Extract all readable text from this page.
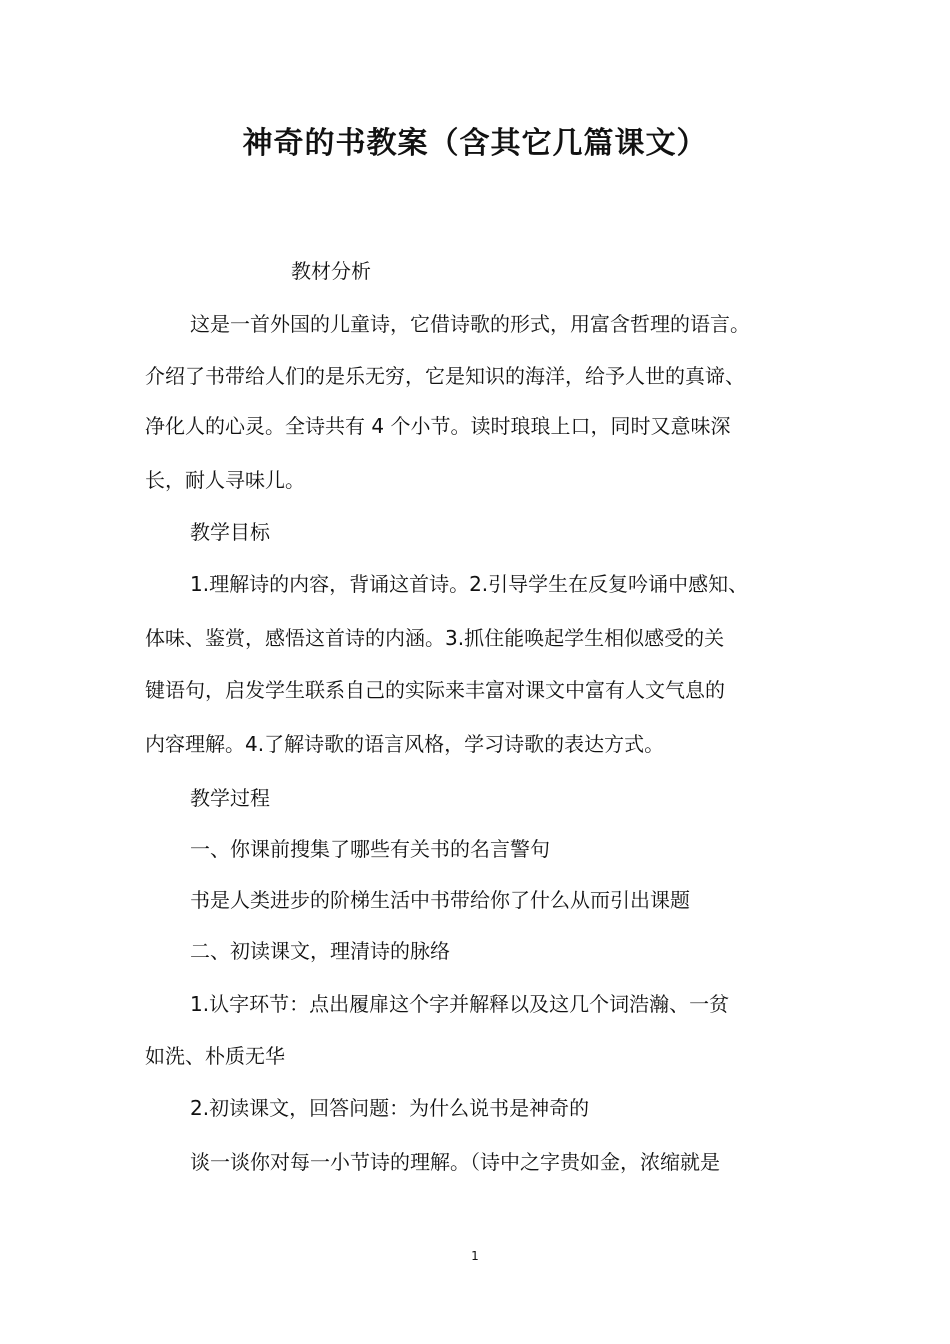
神奇的书教案（含其它几篇课文）
教材分析
这是一首外国的儿童诗，它借诗歌的形式，用富含哲理的语言。
介绍了书带给人们的是乐无穷，它是知识的海洋，给予人世的真谛、
净化人的心灵。全诗共有 4 个小节。读时琅琅上口，同时又意味深
长，耐人寻味儿。
教学目标
1.理解诗的内容，背诵这首诗。2.引导学生在反复吟诵中感知、
体味、鉴赏，感悟这首诗的内涵。3.抓住能唤起学生相似感受的关
键语句，启发学生联系自己的实际来丰富对课文中富有人文气息的
内容理解。4.了解诗歌的语言风格，学习诗歌的表达方式。
教学过程
一、你课前搜集了哪些有关书的名言警句
书是人类进步的阶梯生活中书带给你了什么从而引出课题
二、初读课文，理清诗的脉络
1.认字环节：点出履扉这个字并解释以及这几个词浩瀚、一贫
如洗、朴质无华
2.初读课文，回答问题：为什么说书是神奇的
谈一谈你对每一小节诗的理解。（诗中之字贵如金，浓缩就是
1
